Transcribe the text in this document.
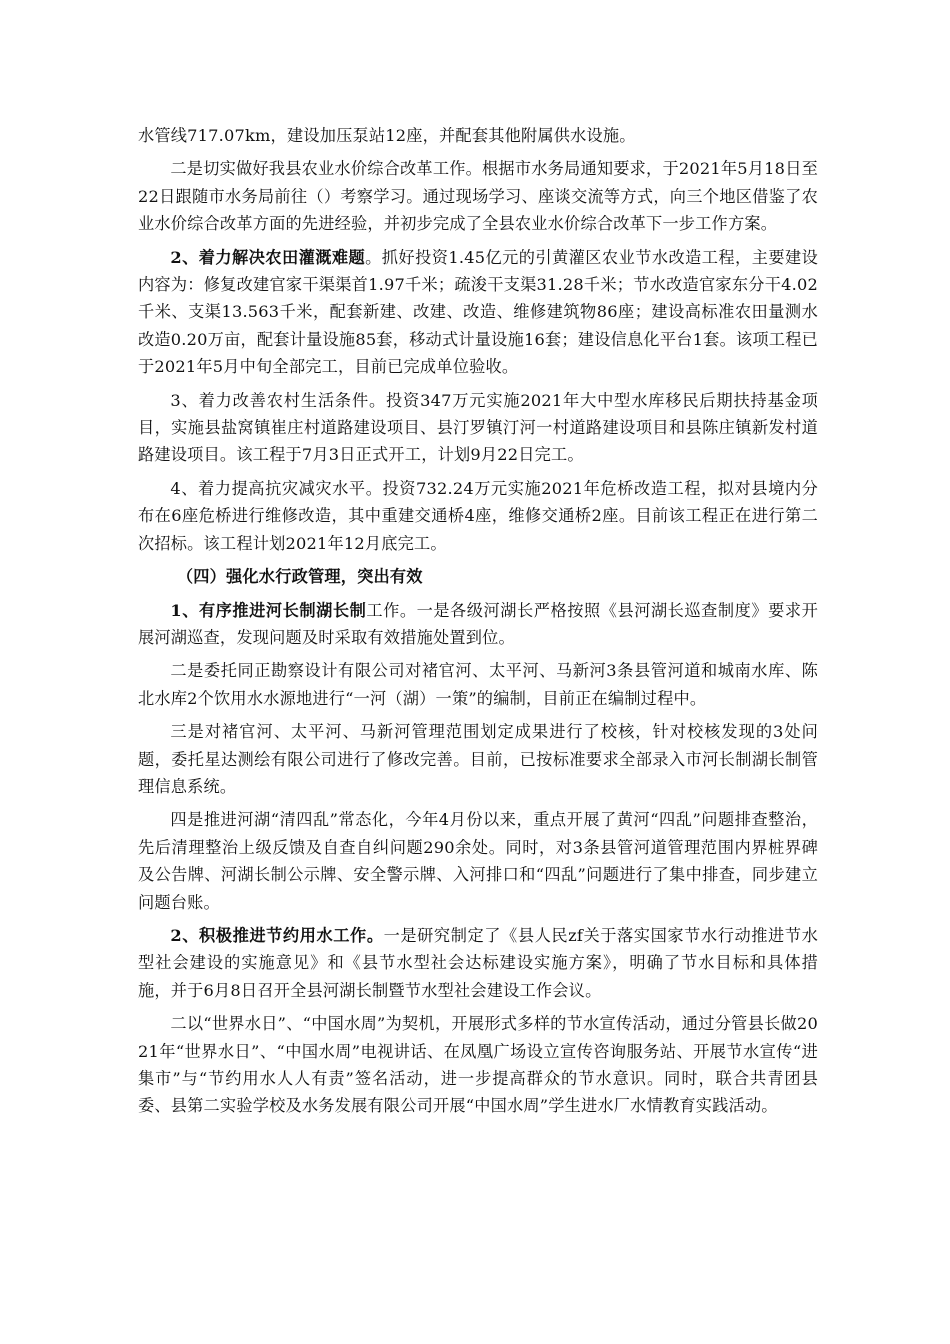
水管线717.07km，建设加压泵站12座，并配套其他附属供水设施。

二是切实做好我县农业水价综合改革工作。根据市水务局通知要求，于2021年5月18日至22日跟随市水务局前往（）考察学习。通过现场学习、座谈交流等方式，向三个地区借鉴了农业水价综合改革方面的先进经验，并初步完成了全县农业水价综合改革下一步工作方案。

2、着力解决农田灌溉难题。抓好投资1.45亿元的引黄灌区农业节水改造工程，主要建设内容为：修复改建官家干渠渠首1.97千米；疏浚干支渠31.28千米；节水改造官家东分干4.02千米、支渠13.563千米，配套新建、改建、改造、维修建筑物86座；建设高标准农田量测水改造0.20万亩，配套计量设施85套，移动式计量设施16套；建设信息化平台1套。该项工程已于2021年5月中旬全部完工，目前已完成单位验收。

3、着力改善农村生活条件。投资347万元实施2021年大中型水库移民后期扶持基金项目，实施县盐窝镇崔庄村道路建设项目、县汀罗镇汀河一村道路建设项目和县陈庄镇新发村道路建设项目。该工程于7月3日正式开工，计划9月22日完工。

4、着力提高抗灾减灾水平。投资732.24万元实施2021年危桥改造工程，拟对县境内分布在6座危桥进行维修改造，其中重建交通桥4座，维修交通桥2座。目前该工程正在进行第二次招标。该工程计划2021年12月底完工。

（四）强化水行政管理，突出有效

1、有序推进河长制湖长制工作。一是各级河湖长严格按照《县河湖长巡查制度》要求开展河湖巡查，发现问题及时采取有效措施处置到位。

二是委托同正勘察设计有限公司对褚官河、太平河、马新河3条县管河道和城南水库、陈北水库2个饮用水水源地进行“一河（湖）一策”的编制，目前正在编制过程中。

三是对褚官河、太平河、马新河管理范围划定成果进行了校核，针对校核发现的3处问题，委托星达测绘有限公司进行了修改完善。目前，已按标准要求全部录入市河长制湖长制管理信息系统。

四是推进河湖“清四乱”常态化，今年4月份以来，重点开展了黄河“四乱”问题排查整治，先后清理整治上级反馈及自查自纠问题290余处。同时，对3条县管河道管理范围内界桩界碑及公告牌、河湖长制公示牌、安全警示牌、入河排口和“四乱”问题进行了集中排查，同步建立问题台账。

2、积极推进节约用水工作。一是研究制定了《县人民zf关于落实国家节水行动推进节水型社会建设的实施意见》和《县节水型社会达标建设实施方案》，明确了节水目标和具体措施，并于6月8日召开全县河湖长制暨节水型社会建设工作会议。

二以“世界水日”、“中国水周”为契机，开展形式多样的节水宣传活动，通过分管县长做2021年“世界水日”、“中国水周”电视讲话、在凤凰广场设立宣传咨询服务站、开展节水宣传“进集市”与“节约用水人人有责”签名活动，进一步提高群众的节水意识。同时，联合共青团县委、县第二实验学校及水务发展有限公司开展“中国水周”学生进水厂水情教育实践活动。
